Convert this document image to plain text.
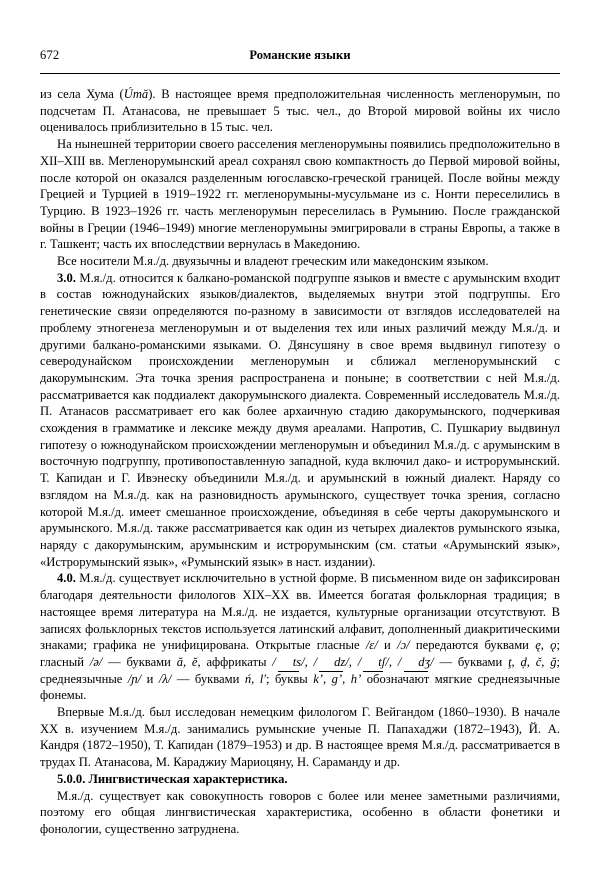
672	Романские языки

из села Хума (Úmă). В настоящее время предположительная численность мегленорумын, по подсчетам П. Атанасова, не превышает 5 тыс. чел., до Второй мировой войны их число оценивалось приблизительно в 15 тыс. чел.

На нынешней территории своего расселения мегленорумыны появились предположительно в XII–XIII вв. Мегленорумынский ареал сохранял свою компактность до Первой мировой войны, после которой он оказался разделенным югославско-греческой границей. После войны между Грецией и Турцией в 1919–1922 гг. мегленорумыны-мусульмане из с. Нонти переселились в Турцию. В 1923–1926 гг. часть мегленорумын переселилась в Румынию. После гражданской войны в Греции (1946–1949) многие мегленорумыны эмигрировали в страны Европы, а также в г. Ташкент; часть их впоследствии вернулась в Македонию.

Все носители М.я./д. двуязычны и владеют греческим или македонским языком.

3.0. М.я./д. относится к балкано-романской подгруппе языков и вместе с арумынским входит в состав южнодунайских языков/диалектов, выделяемых внутри этой подгруппы. Его генетические связи определяются по-разному в зависимости от взглядов исследователей на проблему этногенеза мегленорумын и от выделения тех или иных различий между М.я./д. и другими балкано-романскими языками. О. Дянсушяну в свое время выдвинул гипотезу о северодунайском происхождении мегленорумын и сближал мегленорумынский с дакорумынским. Эта точка зрения распространена и поныне; в соответствии с ней М.я./д. рассматривается как поддиалект дакорумынского диалекта. Современный исследователь М.я./д. П. Атанасов рассматривает его как более архаичную стадию дакорумынского, подчеркивая схождения в грамматике и лексике между двумя ареалами. Напротив, С. Пушкариу выдвинул гипотезу о южнодунайском происхождении мегленорумын и объединил М.я./д. с арумынским в восточную подгруппу, противопоставленную западной, куда включил дако- и истрорумынский. Т. Капидан и Г. Ивэнеску объединили М.я./д. и арумынский в южный диалект. Наряду со взглядом на М.я./д. как на разновидность арумынского, существует точка зрения, согласно которой М.я./д. имеет смешанное происхождение, объединяя в себе черты дакорумынского и арумынского. М.я./д. также рассматривается как один из четырех диалектов румынского языка, наряду с дакорумынским, арумынским и истрорумынским (см. статьи «Арумынский язык», «Истрорумынский язык», «Румынский язык» в наст. издании).

4.0. М.я./д. существует исключительно в устной форме. В письменном виде он зафиксирован благодаря деятельности филологов XIX–XX вв. Имеется богатая фольклорная традиция; в настоящее время литература на М.я./д. не издается, культурные организации отсутствуют. В записях фольклорных текстов используется латинский алфавит, дополненный диакритическими знаками; графика не унифицирована. Открытые гласные /ɛ/ и /ɔ/ передаются буквами ę, ǫ; гласный /ə/ — буквами ă, ĕ, аффрикаты / ts/, / dz/, / tʃ/, / dʒ/ — буквами ţ, ḑ, č, ğ; среднеязычные /ɲ/ и /λ/ — буквами ń, l'; буквы k’, g’, h’ обозначают мягкие среднеязычные фонемы.

Впервые М.я./д. был исследован немецким филологом Г. Вейгандом (1860–1930). В начале XX в. изучением М.я./д. занимались румынские ученые П. Папахаджи (1872–1943), Й. А. Кандря (1872–1950), Т. Капидан (1879–1953) и др. В настоящее время М.я./д. рассматривается в трудах П. Атанасова, М. Караджиу Мариоцяну, Н. Сараманду и др.

5.0.0. Лингвистическая характеристика.

М.я./д. существует как совокупность говоров с более или менее заметными различиями, поэтому его общая лингвистическая характеристика, особенно в области фонетики и фонологии, существенно затруднена.
